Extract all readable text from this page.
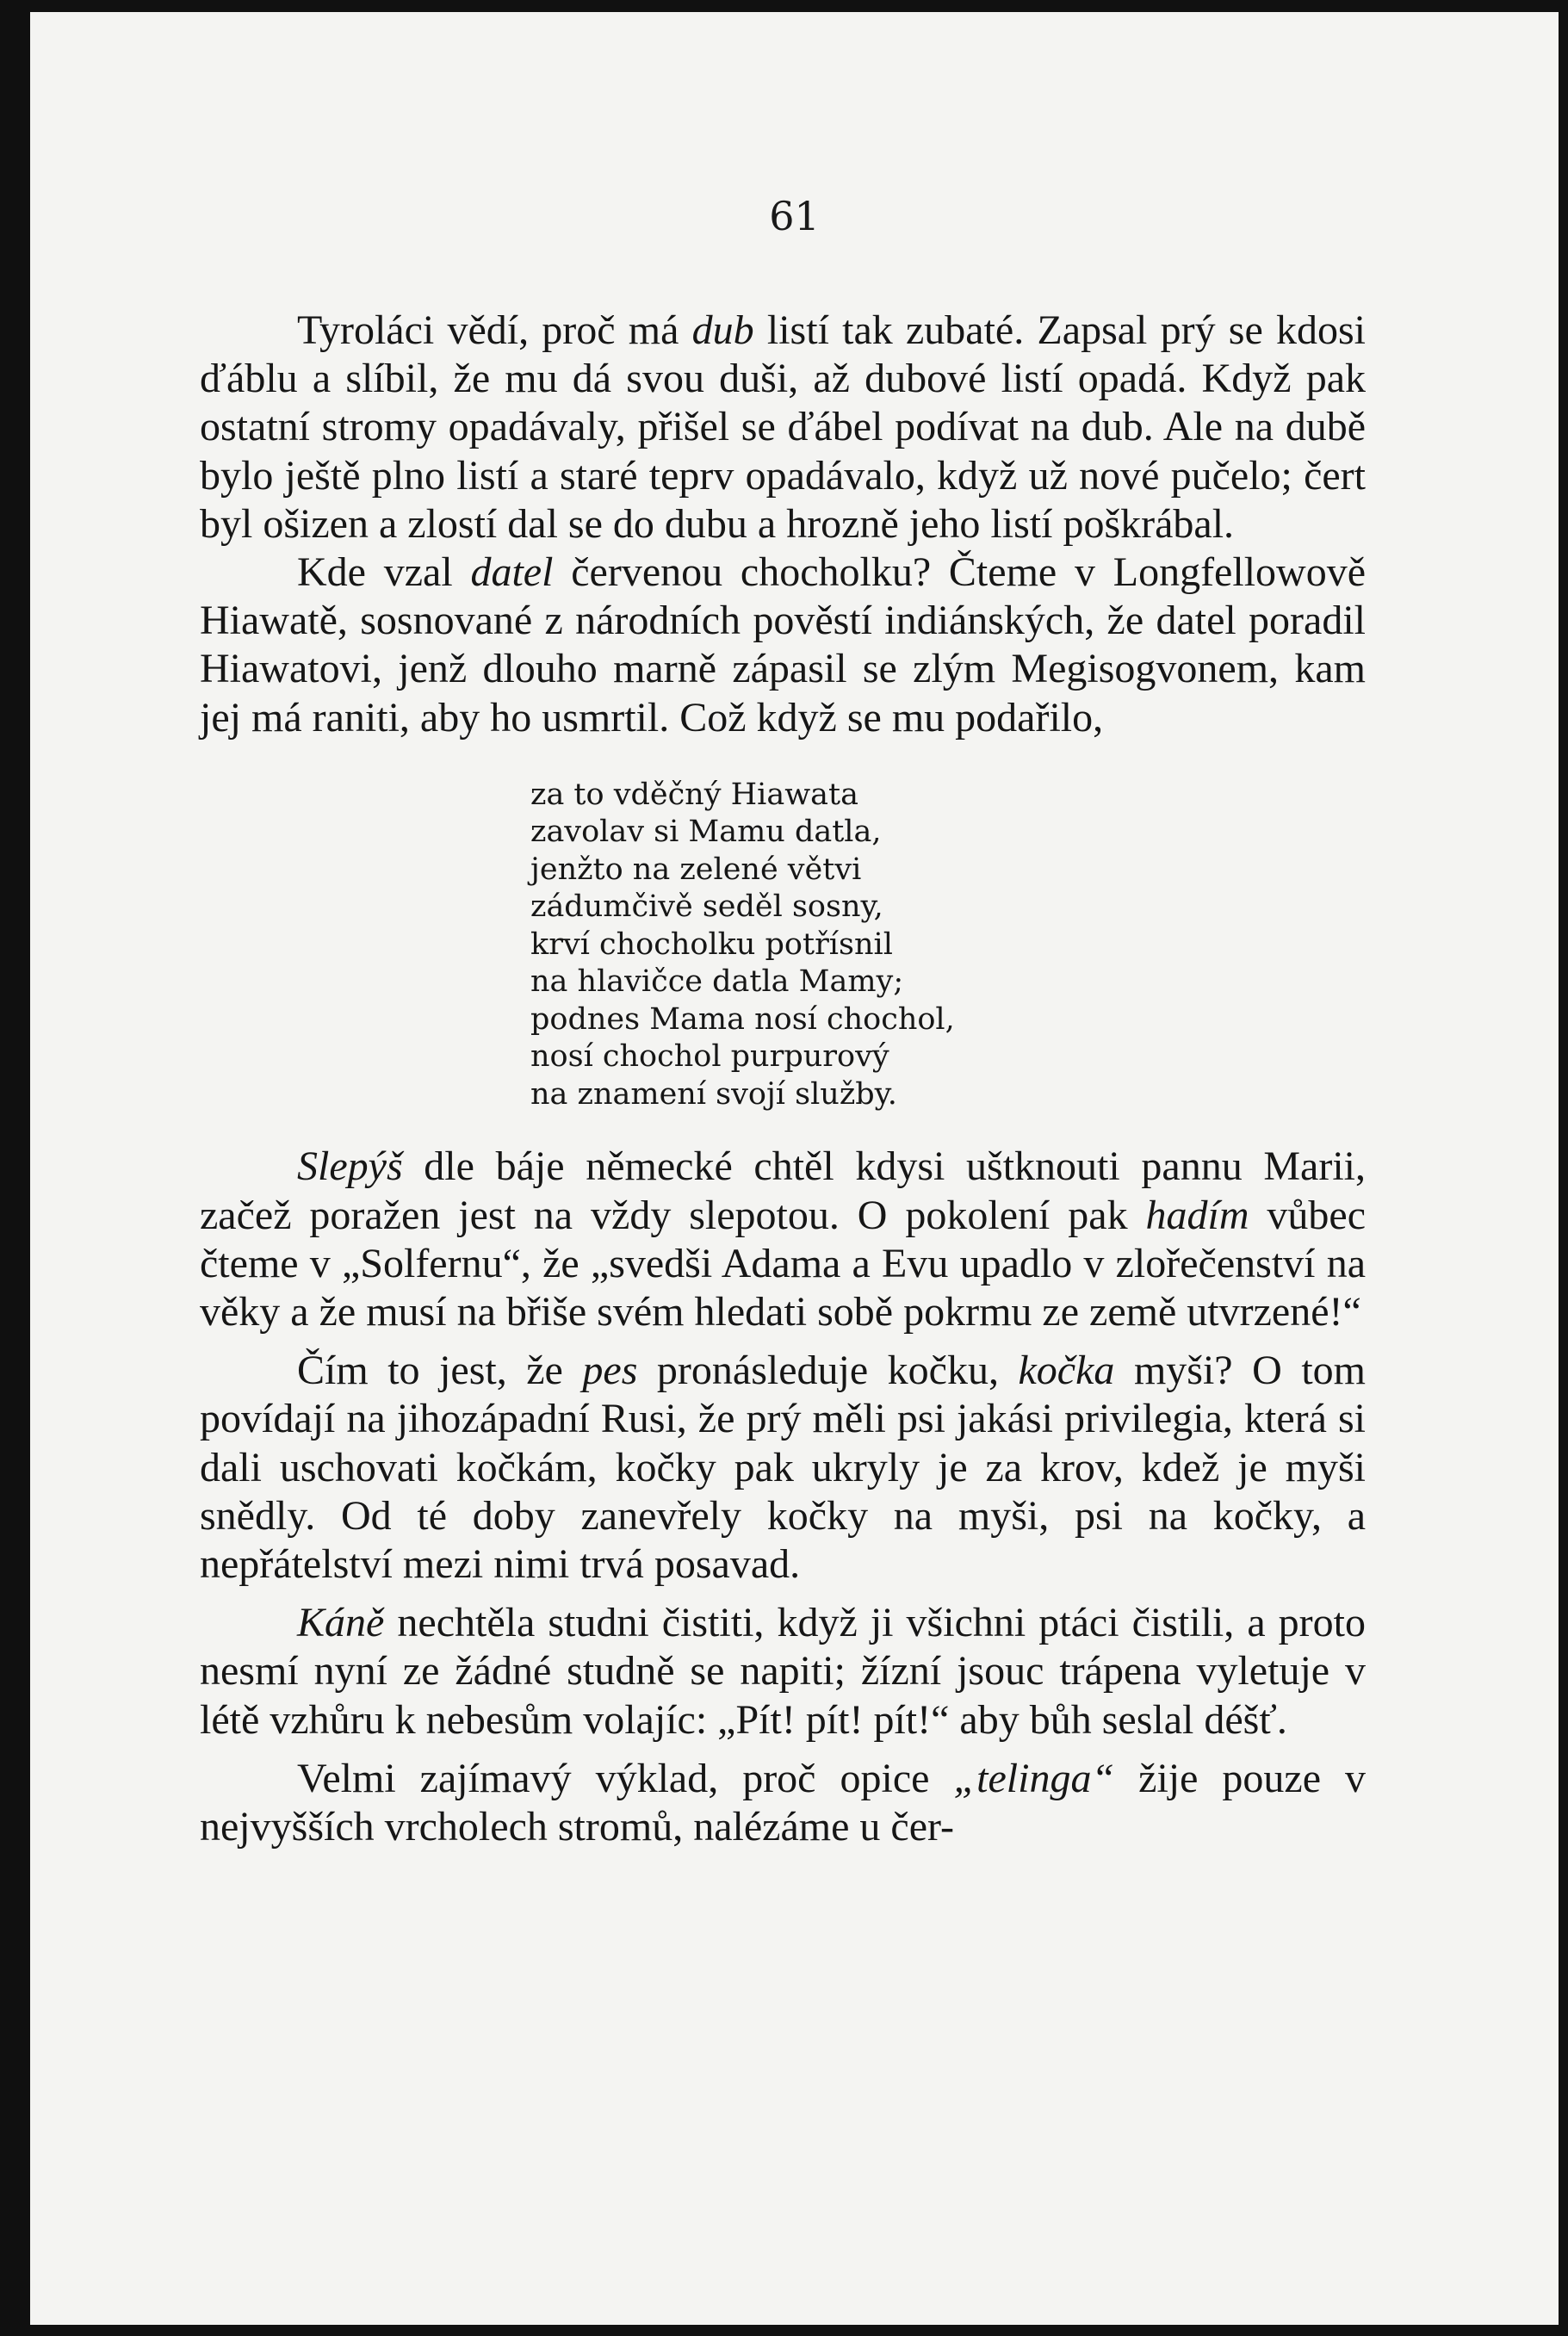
61

Tyroláci vědí, proč má dub listí tak zubaté. Zapsal prý se kdosi ďáblu a slíbil, že mu dá svou duši, až dubové listí opadá. Když pak ostatní stromy opadávaly, přišel se ďábel podívat na dub. Ale na dubě bylo ještě plno listí a staré teprv opadávalo, když už nové pučelo; čert byl ošizen a zlostí dal se do dubu a hrozně jeho listí poškrábal.

Kde vzal datel červenou chocholku? Čteme v Longfellowově Hiawatě, sosnované z národních pověstí indiánských, že datel poradil Hiawatovi, jenž dlouho marně zápasil se zlým Megisogvonem, kam jej má raniti, aby ho usmrtil. Což když se mu podařilo,

za to vděčný Hiawata
zavolav si Mamu datla,
jenžto na zelené větvi
zádumčivě seděl sosny,
krví chocholku potřísnil
na hlavičce datla Mamy;
podnes Mama nosí chochol,
nosí chochol purpurový
na znamení svojí služby.

Slepýš dle báje německé chtěl kdysi uštknouti pannu Marii, začež poražen jest na vždy slepotou. O pokolení pak hadím vůbec čteme v „Solfernu“, že „svedši Adama a Evu upadlo v zlořečenství na věky a že musí na břiše svém hledati sobě pokrmu ze země utvrzené!“

Čím to jest, že pes pronásleduje kočku, kočka myši? O tom povídají na jihozápadní Rusi, že prý měli psi jakási privilegia, která si dali uschovati kočkám, kočky pak ukryly je za krov, kdež je myši snědly. Od té doby zanevřely kočky na myši, psi na kočky, a nepřátelství mezi nimi trvá posavad.

Káně nechtěla studni čistiti, když ji všichni ptáci čistili, a proto nesmí nyní ze žádné studně se napiti; žízní jsouc trápena vyletuje v létě vzhůru k nebesům volajíc: „Pít! pít! pít!“ aby bůh seslal déšť.

Velmi zajímavý výklad, proč opice „telinga“ žije pouze v nejvyšších vrcholech stromů, nalézáme u čer-
